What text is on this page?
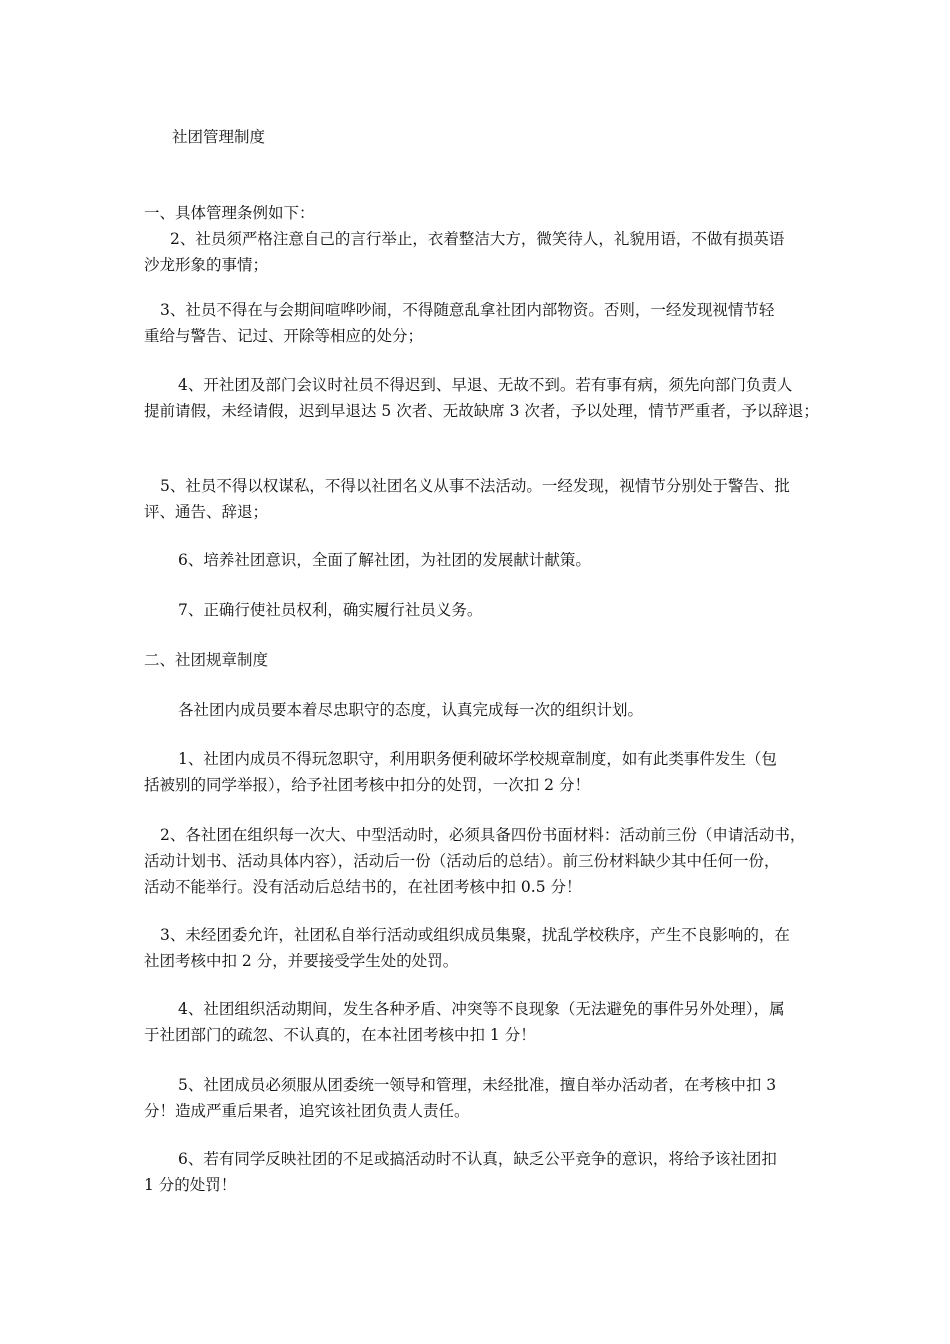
社团管理制度
一、具体管理条例如下：
2、社员须严格注意自己的言行举止，衣着整洁大方，微笑待人，礼貌用语，不做有损英语
沙龙形象的事情；
3、社员不得在与会期间喧哗吵闹，不得随意乱拿社团内部物资。否则，一经发现视情节轻
重给与警告、记过、开除等相应的处分；
4、开社团及部门会议时社员不得迟到、早退、无故不到。若有事有病，须先向部门负责人
提前请假，未经请假，迟到早退达 5 次者、无故缺席 3 次者，予以处理，情节严重者，予以辞退；
5、社员不得以权谋私，不得以社团名义从事不法活动。一经发现，视情节分别处于警告、批
评、通告、辞退；
6、培养社团意识，全面了解社团，为社团的发展献计献策。
7、正确行使社员权利，确实履行社员义务。
二、社团规章制度
各社团内成员要本着尽忠职守的态度，认真完成每一次的组织计划。
1、社团内成员不得玩忽职守，利用职务便利破坏学校规章制度，如有此类事件发生（包
括被别的同学举报），给予社团考核中扣分的处罚，一次扣 2 分！
2、各社团在组织每一次大、中型活动时，必须具备四份书面材料：活动前三份（申请活动书，
活动计划书、活动具体内容），活动后一份（活动后的总结）。前三份材料缺少其中任何一份，
活动不能举行。没有活动后总结书的，在社团考核中扣 0.5 分！
3、未经团委允许，社团私自举行活动或组织成员集聚，扰乱学校秩序，产生不良影响的，在
社团考核中扣 2 分，并要接受学生处的处罚。
4、社团组织活动期间，发生各种矛盾、冲突等不良现象（无法避免的事件另外处理），属
于社团部门的疏忽、不认真的，在本社团考核中扣 1 分！
5、社团成员必须服从团委统一领导和管理，未经批准，擅自举办活动者，在考核中扣 3
分！造成严重后果者，追究该社团负责人责任。
6、若有同学反映社团的不足或搞活动时不认真，缺乏公平竞争的意识，将给予该社团扣
1 分的处罚！
